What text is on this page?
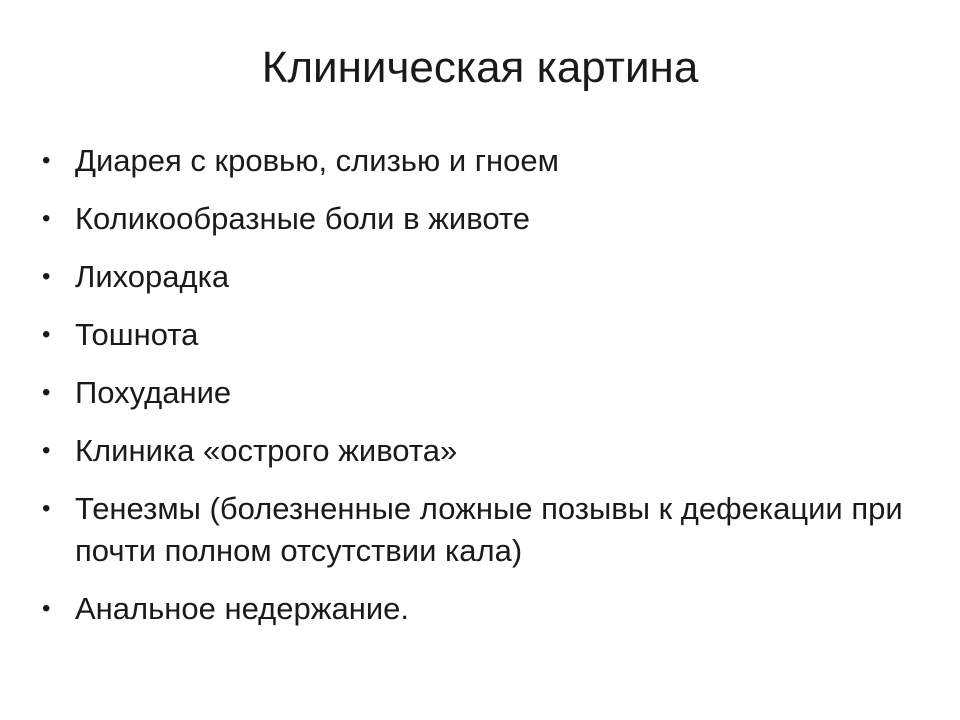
Клиническая картина
• Диарея с кровью, слизью и гноем
• Коликообразные боли в животе
• Лихорадка
• Тошнота
• Похудание
• Клиника «острого живота»
• Тенезмы (болезненные ложные позывы к дефекации при почти полном отсутствии кала)
• Анальное недержание.
